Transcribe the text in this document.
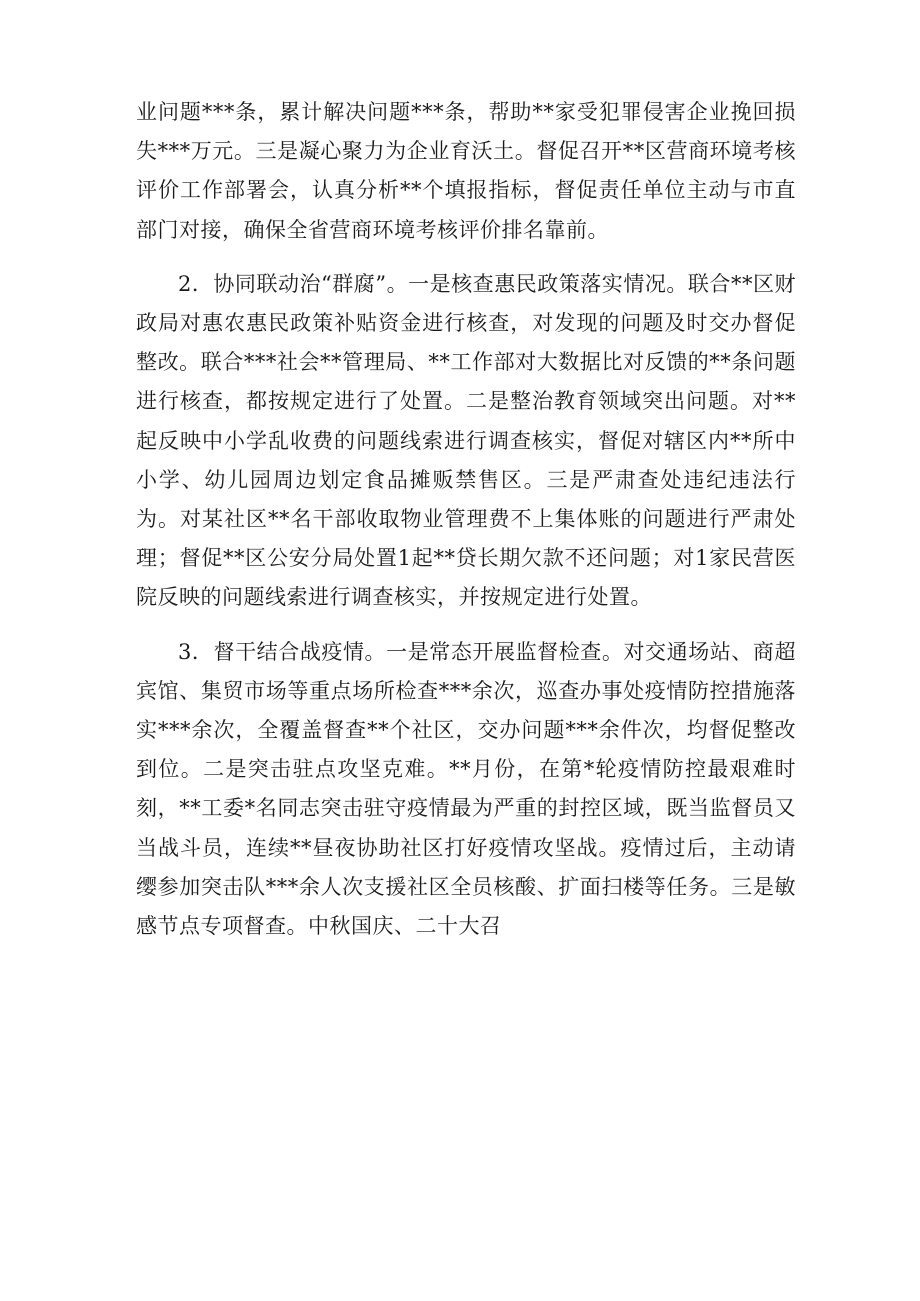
业问题***条，累计解决问题***条，帮助**家受犯罪侵害企业挽回损失***万元。三是凝心聚力为企业育沃土。督促召开**区营商环境考核评价工作部署会，认真分析**个填报指标，督促责任单位主动与市直部门对接，确保全省营商环境考核评价排名靠前。

2．协同联动治“群腐”。一是核查惠民政策落实情况。联合**区财政局对惠农惠民政策补贴资金进行核查，对发现的问题及时交办督促整改。联合***社会**管理局、**工作部对大数据比对反馈的**条问题进行核查，都按规定进行了处置。二是整治教育领域突出问题。对**起反映中小学乱收费的问题线索进行调查核实，督促对辖区内**所中小学、幼儿园周边划定食品摊贩禁售区。三是严肃查处违纪违法行为。对某社区**名干部收取物业管理费不上集体账的问题进行严肃处理；督促**区公安分局处置1起**贷长期欠款不还问题；对1家民营医院反映的问题线索进行调查核实，并按规定进行处置。

3．督干结合战疫情。一是常态开展监督检查。对交通场站、商超宾馆、集贸市场等重点场所检查***余次，巡查办事处疫情防控措施落实***余次，全覆盖督查**个社区，交办问题***余件次，均督促整改到位。二是突击驻点攻坚克难。**月份，在第*轮疫情防控最艰难时刻，**工委*名同志突击驻守疫情最为严重的封控区域，既当监督员又当战斗员，连续**昼夜协助社区打好疫情攻坚战。疫情过后，主动请缨参加突击队***余人次支援社区全员核酸、扩面扫楼等任务。三是敏感节点专项督查。中秋国庆、二十大召
